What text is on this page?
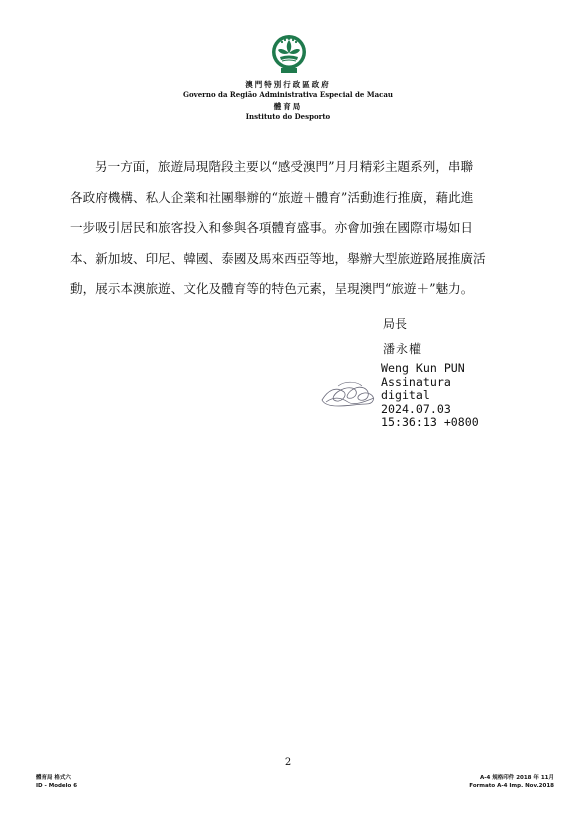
澳門特別行政區政府
Governo da Região Administrativa Especial de Macau
體育局
Instituto do Desporto
另一方面，旅遊局現階段主要以“感受澳門”月月精彩主題系列，串聯
各政府機構、私人企業和社團舉辦的“旅遊＋體育”活動進行推廣，藉此進
一步吸引居民和旅客投入和參與各項體育盛事。亦會加強在國際市場如日
本、新加坡、印尼、韓國、泰國及馬來西亞等地，舉辦大型旅遊路展推廣活
動，展示本澳旅遊、文化及體育等的特色元素，呈現澳門“旅遊＋”魅力。
局長
潘永權
Weng Kun PUN
Assinatura
digital
2024.07.03
15:36:13 +0800
2
體育局 格式六
ID - Modelo 6
A-4 規格印件 2018 年 11月
Formato A-4 Imp. Nov.2018
